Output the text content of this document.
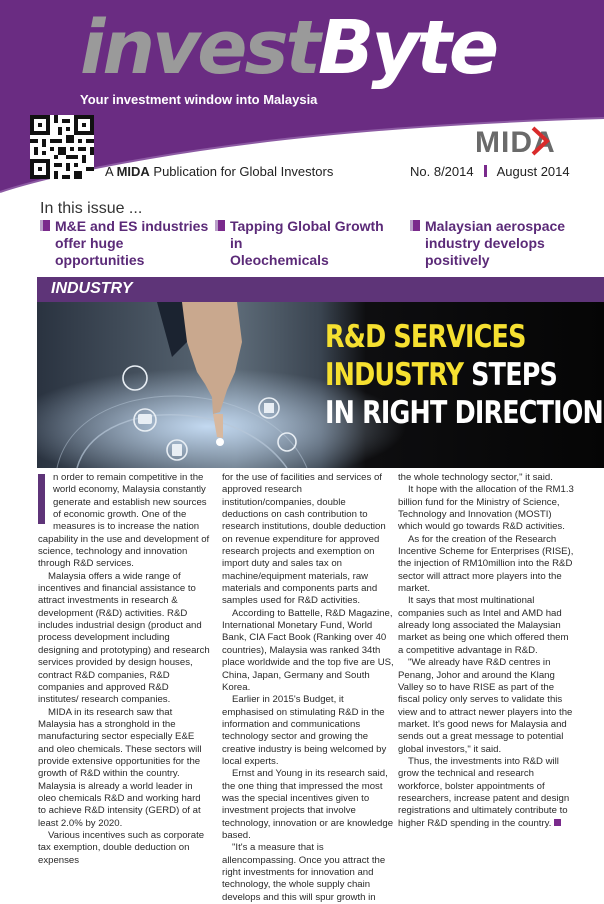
investByte
Your investment window into Malaysia
MIDA
A MIDA Publication for Global Investors	No. 8/2014 August 2014
In this issue ...
M&E and ES industries
offer huge opportunities
Tapping Global Growth in
Oleochemicals
Malaysian aerospace
industry develops
positively
INDUSTRY
R&D SERVICES
INDUSTRY STEPS
IN RIGHT DIRECTION

n order to remain competitive in the world economy, Malaysia constantly generate and establish new sources of economic growth. One of the measures is to increase the nation capability in the use and development of science, technology and innovation through R&D services.

Malaysia offers a wide range of incentives and financial assistance to attract investments in research & development (R&D) activities. R&D includes industrial design (product and process development including designing and prototyping) and research services provided by design houses, contract R&D companies, R&D companies and approved R&D institutes/ research companies.

MIDA in its research saw that Malaysia has a stronghold in the manufacturing sector especially E&E and oleo chemicals. These sectors will provide extensive opportunities for the growth of R&D within the country. Malaysia is already a world leader in oleo chemicals R&D and working hard to achieve R&D intensity (GERD) of at least 2.0% by 2020.

Various incentives such as corporate tax exemption, double deduction on expenses

for the use of facilities and services of approved research institution/companies, double deductions on cash contribution to research institutions, double deduction on revenue expenditure for approved research projects and exemption on import duty and sales tax on machine/equipment materials, raw materials and components parts and samples used for R&D activities.

According to Battelle, R&D Magazine, International Monetary Fund, World Bank, CIA Fact Book (Ranking over 40 countries), Malaysia was ranked 34th place worldwide and the top five are US, China, Japan, Germany and South Korea.

Earlier in 2015's Budget, it emphasised on stimulating R&D in the information and communications technology sector and growing the creative industry is being welcomed by local experts.

Ernst and Young in its research said, the one thing that impressed the most was the special incentives given to investment projects that involve technology, innovation or are knowledge based.

"It's a measure that is allencompassing. Once you attract the right investments for innovation and technology, the whole supply chain develops and this will spur growth in

the whole technology sector," it said.

It hope with the allocation of the RM1.3 billion fund for the Ministry of Science, Technology and Innovation (MOSTI) which would go towards R&D activities.

As for the creation of the Research Incentive Scheme for Enterprises (RISE), the injection of RM10million into the R&D sector will attract more players into the market.

It says that most multinational companies such as Intel and AMD had already long associated the Malaysian market as being one which offered them a competitive advantage in R&D.

"We already have R&D centres in Penang, Johor and around the Klang Valley so to have RISE as part of the fiscal policy only serves to validate this view and to attract newer players into the market. It's good news for Malaysia and sends out a great message to potential global investors," it said.

Thus, the investments into R&D will grow the technical and research workforce, bolster appointments of researchers, increase patent and design registrations and ultimately contribute to higher R&D spending in the country.
